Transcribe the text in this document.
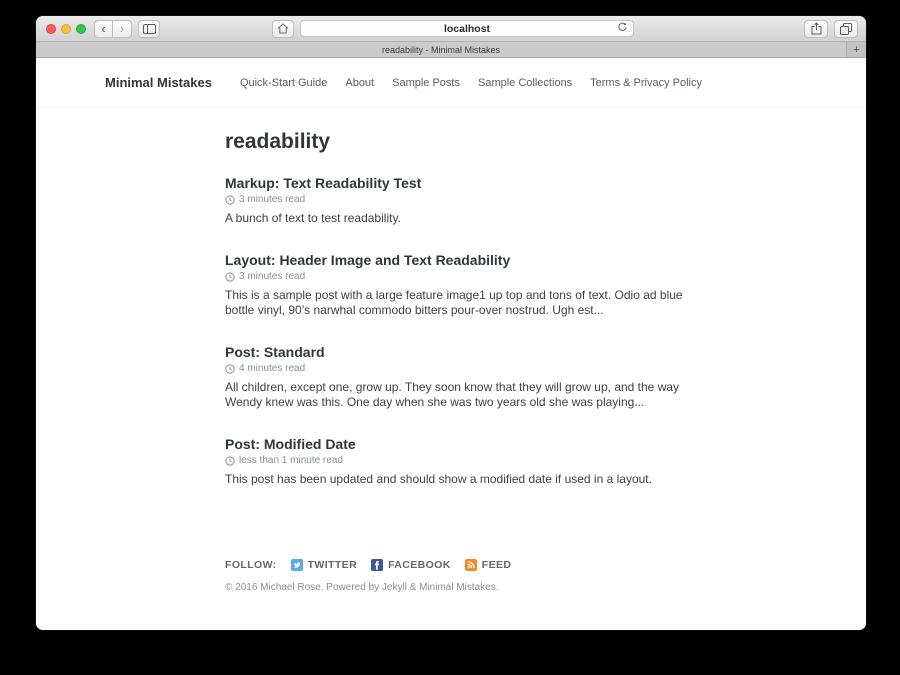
‹	›	localhost
readability - Minimal Mistakes	+
Minimal Mistakes	Quick-Start Guide About Sample Posts Sample Collections Terms & Privacy Policy
readability
Markup: Text Readability Test
3 minutes read
A bunch of text to test readability.
Layout: Header Image and Text Readability
3 minutes read
This is a sample post with a large feature image1 up top and tons of text. Odio ad blue bottle vinyl, 90’s narwhal commodo bitters pour-over nostrud. Ugh est...
Post: Standard
4 minutes read
All children, except one, grow up. They soon know that they will grow up, and the way Wendy knew was this. One day when she was two years old she was playing...
Post: Modified Date
less than 1 minute read
This post has been updated and should show a modified date if used in a layout.
FOLLOW:	TWITTER	FACEBOOK	FEED
© 2016 Michael Rose. Powered by Jekyll & Minimal Mistakes.
